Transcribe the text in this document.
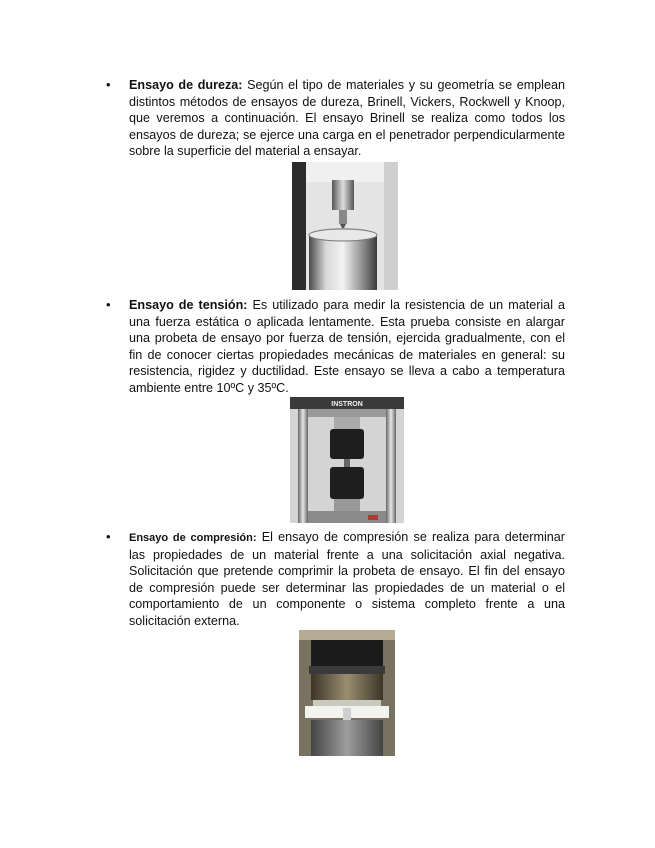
• Ensayo de dureza: Según el tipo de materiales y su geometría se emplean distintos métodos de ensayos de dureza, Brinell, Vickers, Rockwell y Knoop, que veremos a continuación. El ensayo Brinell se realiza como todos los ensayos de dureza; se ejerce una carga en el penetrador perpendicularmente sobre la superficie del material a ensayar.

• Ensayo de tensión: Es utilizado para medir la resistencia de un material a una fuerza estática o aplicada lentamente. Esta prueba consiste en alargar una probeta de ensayo por fuerza de tensión, ejercida gradualmente, con el fin de conocer ciertas propiedades mecánicas de materiales en general: su resistencia, rigidez y ductilidad. Este ensayo se lleva a cabo a temperatura ambiente entre 10ºC y 35ºC.

INSTRON
• Ensayo de compresión: El ensayo de compresión se realiza para determinar las propiedades de un material frente a una solicitación axial negativa. Solicitación que pretende comprimir la probeta de ensayo. El fin del ensayo de compresión puede ser determinar las propiedades de un material o el comportamiento de un componente o sistema completo frente a una solicitación externa.
